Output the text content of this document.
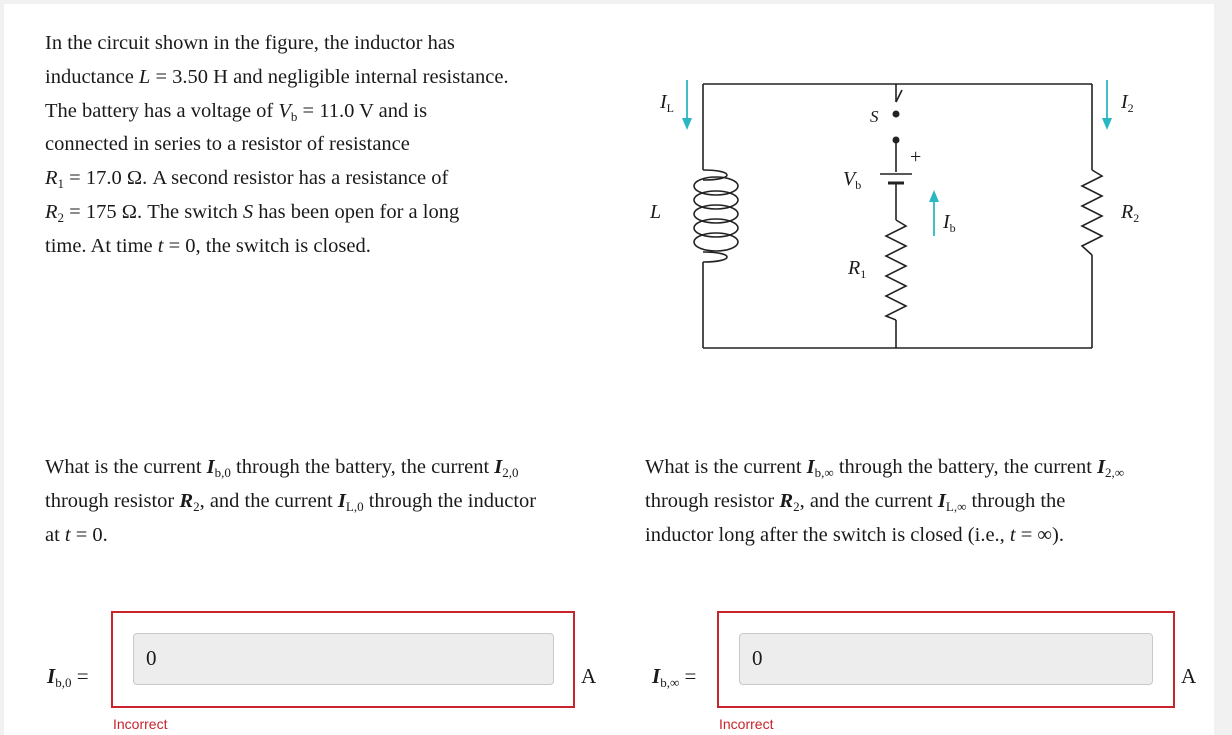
In the circuit shown in the figure, the inductor has

inductance L = 3.50 H and negligible internal resistance.

The battery has a voltage of $V_b = 11.0$ V and is

connected in series to a resistor of resistance

$R_1 = 17.0$ Ω. A second resistor has a resistance of

$R_2 = 175$ Ω. The switch S has been open for a long

time. At time t = 0, the switch is closed.

$I_L$	$I_2$
S
$V_b$
L	$I_b$
$R_2$
$R_1$
+

What is the current $I_{b,0}$ through the battery, the current $I_{2,0}$

through resistor $R_2$, and the current $I_{L,0}$ through the inductor

at t = 0.

What is the current $I_{b,\infty}$ through the battery, the current $I_{2,\infty}$

through resistor $R_2$, and the current $I_{L,\infty}$ through the

inductor long after the switch is closed (i.e., t = ∞).

$I_{b,0}$ =
0
A
Incorrect
$I_{b,\infty}$ =
0
A
Incorrect
